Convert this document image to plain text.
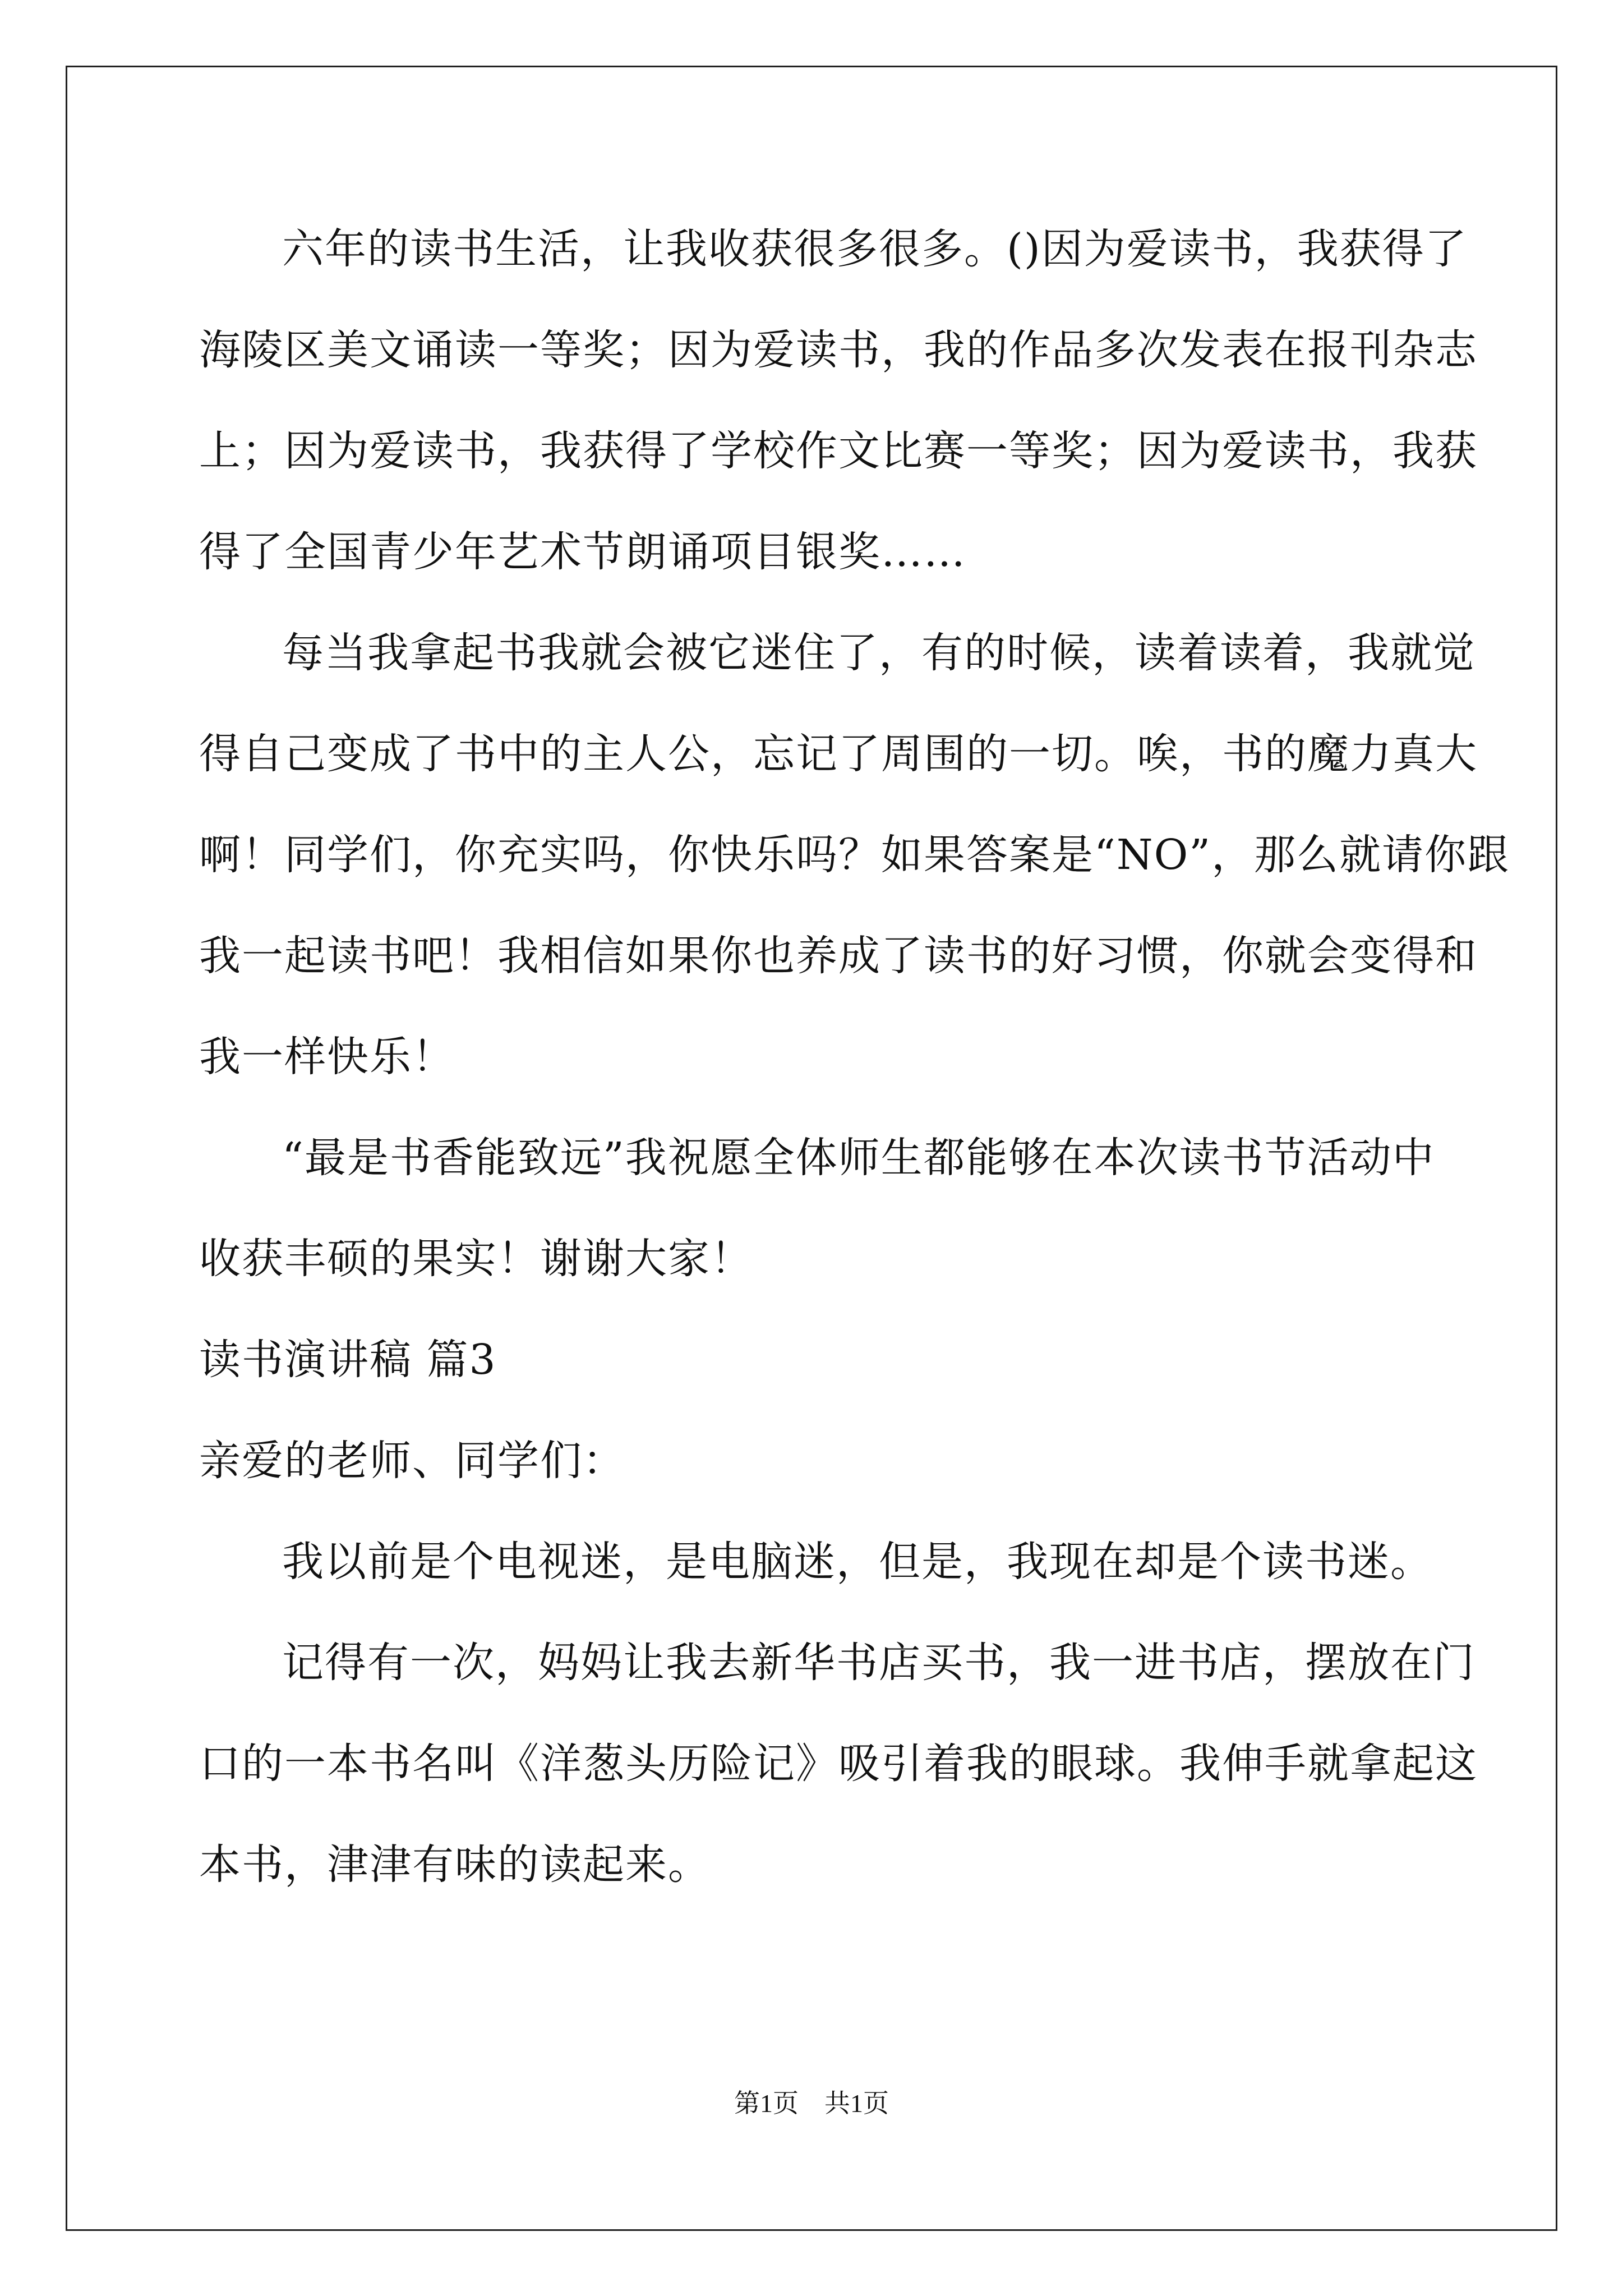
六年的读书生活，让我收获很多很多。()因为爱读书，我获得了
海陵区美文诵读一等奖；因为爱读书，我的作品多次发表在报刊杂志
上；因为爱读书，我获得了学校作文比赛一等奖；因为爱读书，我获
得了全国青少年艺术节朗诵项目银奖……
每当我拿起书我就会被它迷住了，有的时候，读着读着，我就觉
得自己变成了书中的主人公，忘记了周围的一切。唉，书的魔力真大
啊！同学们，你充实吗，你快乐吗？如果答案是“NO”，那么就请你跟
我一起读书吧！我相信如果你也养成了读书的好习惯，你就会变得和
我一样快乐！
“最是书香能致远”我祝愿全体师生都能够在本次读书节活动中
收获丰硕的果实！谢谢大家！
读书演讲稿 篇3
亲爱的老师、同学们：
我以前是个电视迷，是电脑迷，但是，我现在却是个读书迷。
记得有一次，妈妈让我去新华书店买书，我一进书店，摆放在门
口的一本书名叫《洋葱头历险记》吸引着我的眼球。我伸手就拿起这
本书，津津有味的读起来。
第1页　共1页
